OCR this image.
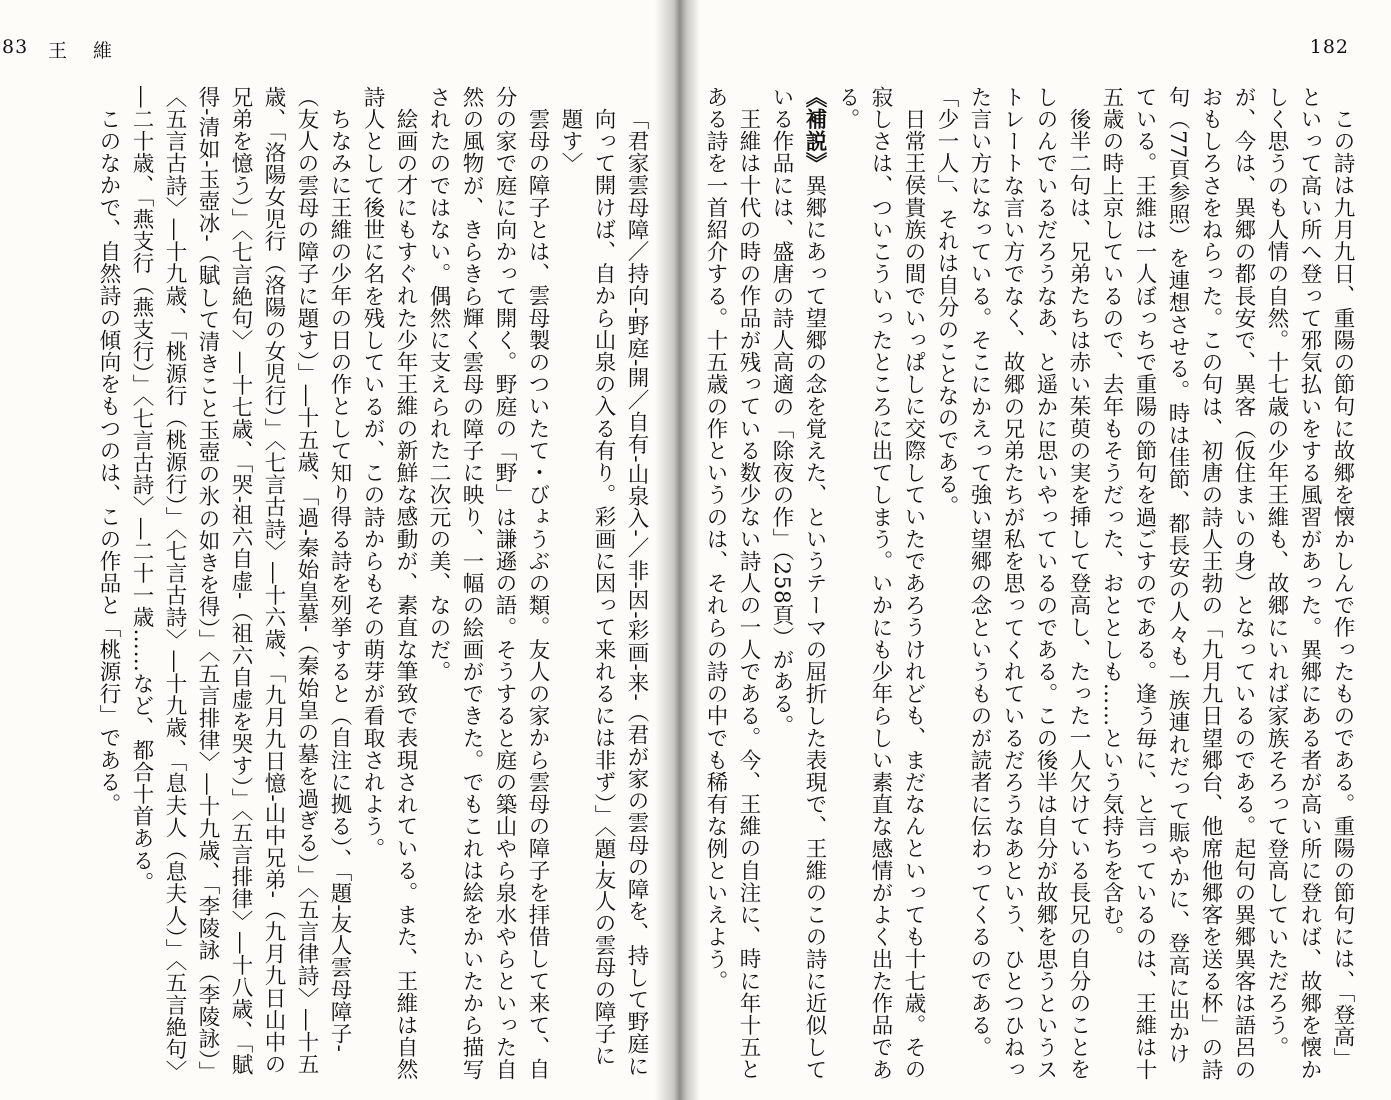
83 王 維

「君家雲母障／持向‐野庭‐開／自有‐山泉入‐／非‐因‐彩画‐来‐（君が家の雲母の障を、持して野庭に向って開けば、自から山泉の入る有り。彩画に因って来れるには非ず）」〈題‐友人の雲母の障子に題す〉

雲母の障子とは、雲母製のついたて・びょうぶの類。友人の家から雲母の障子を拝借して来て、自分の家で庭に向かって開く。野庭の「野」は謙遜の語。そうすると庭の築山やら泉水やらといった自然の風物が、きらきら輝く雲母の障子に映り、一幅の絵画ができた。でもこれは絵をかいたから描写されたのではない。偶然に支えられた二次元の美、なのだ。

絵画の才にもすぐれた少年王維の新鮮な感動が、素直な筆致で表現されている。また、王維は自然詩人として後世に名を残しているが、この詩からもその萌芽が看取されよう。

ちなみに王維の少年の日の作として知り得る詩を列挙すると（自注に拠る）、「題‐友人雲母障子‐（友人の雲母の障子に題す）」―十五歳、「過‐秦始皇墓‐（秦始皇の墓を過ぎる）」〈五言律詩〉―十五歳、「洛陽女児行（洛陽の女児行）」〈七言古詩〉―十六歳、「九月九日憶‐山中兄弟‐（九月九日山中の兄弟を憶う）」〈七言絶句〉―十七歳、「哭‐祖六自虚‐（祖六自虚を哭す）」〈五言排律〉―十八歳、「賦得‐清如‐玉壺冰‐（賦して清きこと玉壺の氷の如きを得）」〈五言排律〉―十九歳、「李陵詠（李陵詠）」〈五言古詩〉―十九歳、「桃源行（桃源行）」〈七言古詩〉―十九歳、「息夫人（息夫人）」〈五言絶句〉―二十歳、「燕支行（燕支行）」〈七言古詩〉―二十一歳……など、都合十首ある。

このなかで、自然詩の傾向をもつのは、この作品と「桃源行」である。

182

この詩は九月九日、重陽の節句に故郷を懐かしんで作ったものである。重陽の節句には、「登高」といって高い所へ登って邪気払いをする風習があった。異郷にある者が高い所に登れば、故郷を懐かしく思うのも人情の自然。十七歳の少年王維も、故郷にいれば家族そろって登高していただろう。が、今は、異郷の都長安で、異客（仮住まいの身）となっているのである。起句の異郷異客は語呂のおもしろさをねらった。この句は、初唐の詩人王勃の「九月九日望郷台、他席他郷客を送る杯」の詩句（77頁参照）を連想させる。時は佳節、都長安の人々も一族連れだって賑やかに、登高に出かけている。王維は一人ぼっちで重陽の節句を過ごすのである。逢う毎に、と言っているのは、王維は十五歳の時上京しているので、去年もそうだった、おととしも……という気持ちを含む。

後半二句は、兄弟たちは赤い茱萸の実を挿して登高し、たった一人欠けている長兄の自分のことをしのんでいるだろうなあ、と遥かに思いやっているのである。この後半は自分が故郷を思うというストレートな言い方でなく、故郷の兄弟たちが私を思ってくれているだろうなあという、ひとつひねった言い方になっている。そこにかえって強い望郷の念というものが読者に伝わってくるのである。「少一人」、それは自分のことなのである。

日常王侯貴族の間でいっぱしに交際していたであろうけれども、まだなんといっても十七歳。その寂しさは、ついこういったところに出てしまう。いかにも少年らしい素直な感情がよく出た作品である。

《補説》異郷にあって望郷の念を覚えた、というテーマの屈折した表現で、王維のこの詩に近似している作品には、盛唐の詩人高適の「除夜の作」（258頁）がある。

王維は十代の時の作品が残っている数少ない詩人の一人である。今、王維の自注に、時に年十五とある詩を一首紹介する。十五歳の作というのは、それらの詩の中でも稀有な例といえよう。
